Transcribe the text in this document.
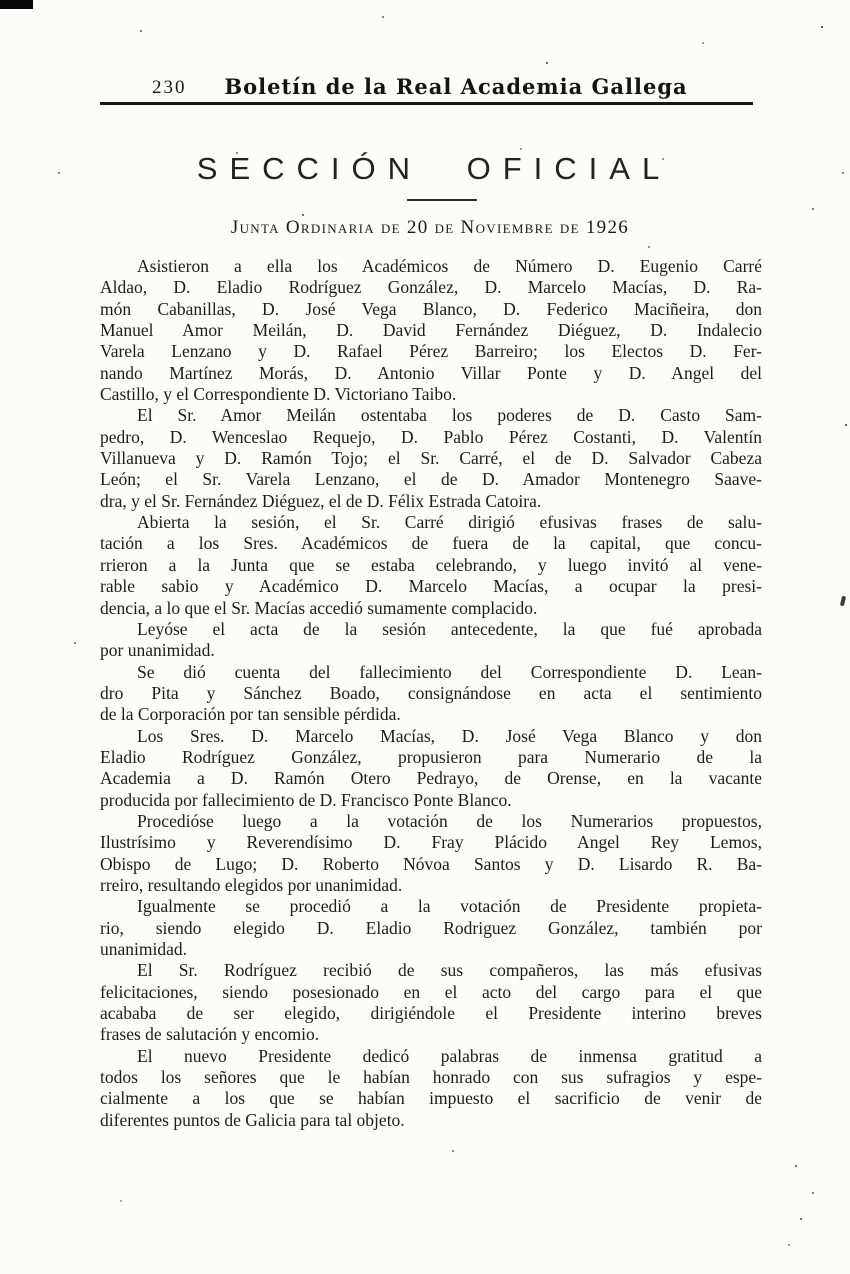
230	Boletín de la Real Academia Gallega
SECCIÓN OFICIAL
Junta Ordinaria de 20 de Noviembre de 1926
Asistieron a ella los Académicos de Número D. Eugenio Carré
Aldao, D. Eladio Rodríguez González, D. Marcelo Macías, D. Ra-
món Cabanillas, D. José Vega Blanco, D. Federico Maciñeira, don
Manuel Amor Meilán, D. David Fernández Diéguez, D. Indalecio
Varela Lenzano y D. Rafael Pérez Barreiro; los Electos D. Fer-
nando Martínez Morás, D. Antonio Villar Ponte y D. Angel del
Castillo, y el Correspondiente D. Victoriano Taibo.
El Sr. Amor Meilán ostentaba los poderes de D. Casto Sam-
pedro, D. Wenceslao Requejo, D. Pablo Pérez Costanti, D. Valentín
Villanueva y D. Ramón Tojo; el Sr. Carré, el de D. Salvador Cabeza
León; el Sr. Varela Lenzano, el de D. Amador Montenegro Saave-
dra, y el Sr. Fernández Diéguez, el de D. Félix Estrada Catoira.
Abierta la sesión, el Sr. Carré dirigió efusivas frases de salu-
tación a los Sres. Académicos de fuera de la capital, que concu-
rrieron a la Junta que se estaba celebrando, y luego invitó al vene-
rable sabio y Académico D. Marcelo Macías, a ocupar la presi-
dencia, a lo que el Sr. Macías accedió sumamente complacido.
Leyóse el acta de la sesión antecedente, la que fué aprobada
por unanimidad.
Se dió cuenta del fallecimiento del Correspondiente D. Lean-
dro Pita y Sánchez Boado, consignándose en acta el sentimiento
de la Corporación por tan sensible pérdida.
Los Sres. D. Marcelo Macías, D. José Vega Blanco y don
Eladio Rodríguez González, propusieron para Numerario de la
Academia a D. Ramón Otero Pedrayo, de Orense, en la vacante
producida por fallecimiento de D. Francisco Ponte Blanco.
Procedióse luego a la votación de los Numerarios propuestos,
Ilustrísimo y Reverendísimo D. Fray Plácido Angel Rey Lemos,
Obispo de Lugo; D. Roberto Nóvoa Santos y D. Lisardo R. Ba-
rreiro, resultando elegidos por unanimidad.
Igualmente se procedió a la votación de Presidente propieta-
rio, siendo elegido D. Eladio Rodriguez González, también por
unanimidad.
El Sr. Rodríguez recibió de sus compañeros, las más efusivas
felicitaciones, siendo posesionado en el acto del cargo para el que
acababa de ser elegido, dirigiéndole el Presidente interino breves
frases de salutación y encomio.
El nuevo Presidente dedicó palabras de inmensa gratitud a
todos los señores que le habían honrado con sus sufragios y espe-
cialmente a los que se habían impuesto el sacrificio de venir de
diferentes puntos de Galicia para tal objeto.
